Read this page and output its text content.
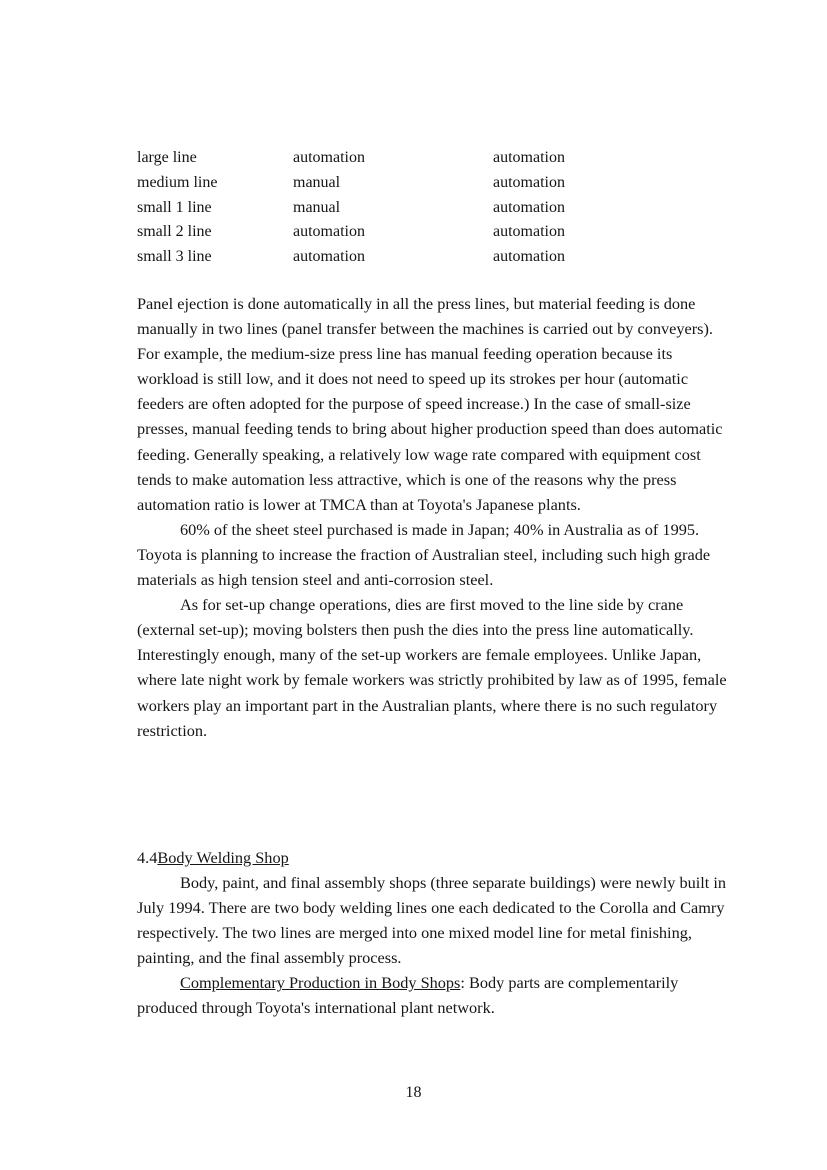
large line	automation	automation
medium line	manual	automation
small 1 line	manual	automation
small 2 line	automation	automation
small 3 line	automation	automation

Panel ejection is done automatically in all the press lines, but material feeding is done manually in two lines (panel transfer between the machines is carried out by conveyers). For example, the medium-size press line has manual feeding operation because its workload is still low, and it does not need to speed up its strokes per hour (automatic feeders are often adopted for the purpose of speed increase.) In the case of small-size presses, manual feeding tends to bring about higher production speed than does automatic feeding. Generally speaking, a relatively low wage rate compared with equipment cost tends to make automation less attractive, which is one of the reasons why the press automation ratio is lower at TMCA than at Toyota's Japanese plants.

60% of the sheet steel purchased is made in Japan; 40% in Australia as of 1995. Toyota is planning to increase the fraction of Australian steel, including such high grade materials as high tension steel and anti-corrosion steel.

As for set-up change operations, dies are first moved to the line side by crane (external set-up); moving bolsters then push the dies into the press line automatically. Interestingly enough, many of the set-up workers are female employees. Unlike Japan, where late night work by female workers was strictly prohibited by law as of 1995, female workers play an important part in the Australian plants, where there is no such regulatory restriction.

4.4Body Welding Shop

Body, paint, and final assembly shops (three separate buildings) were newly built in July 1994. There are two body welding lines one each dedicated to the Corolla and Camry respectively. The two lines are merged into one mixed model line for metal finishing, painting, and the final assembly process.

Complementary Production in Body Shops: Body parts are complementarily produced through Toyota's international plant network.

18
